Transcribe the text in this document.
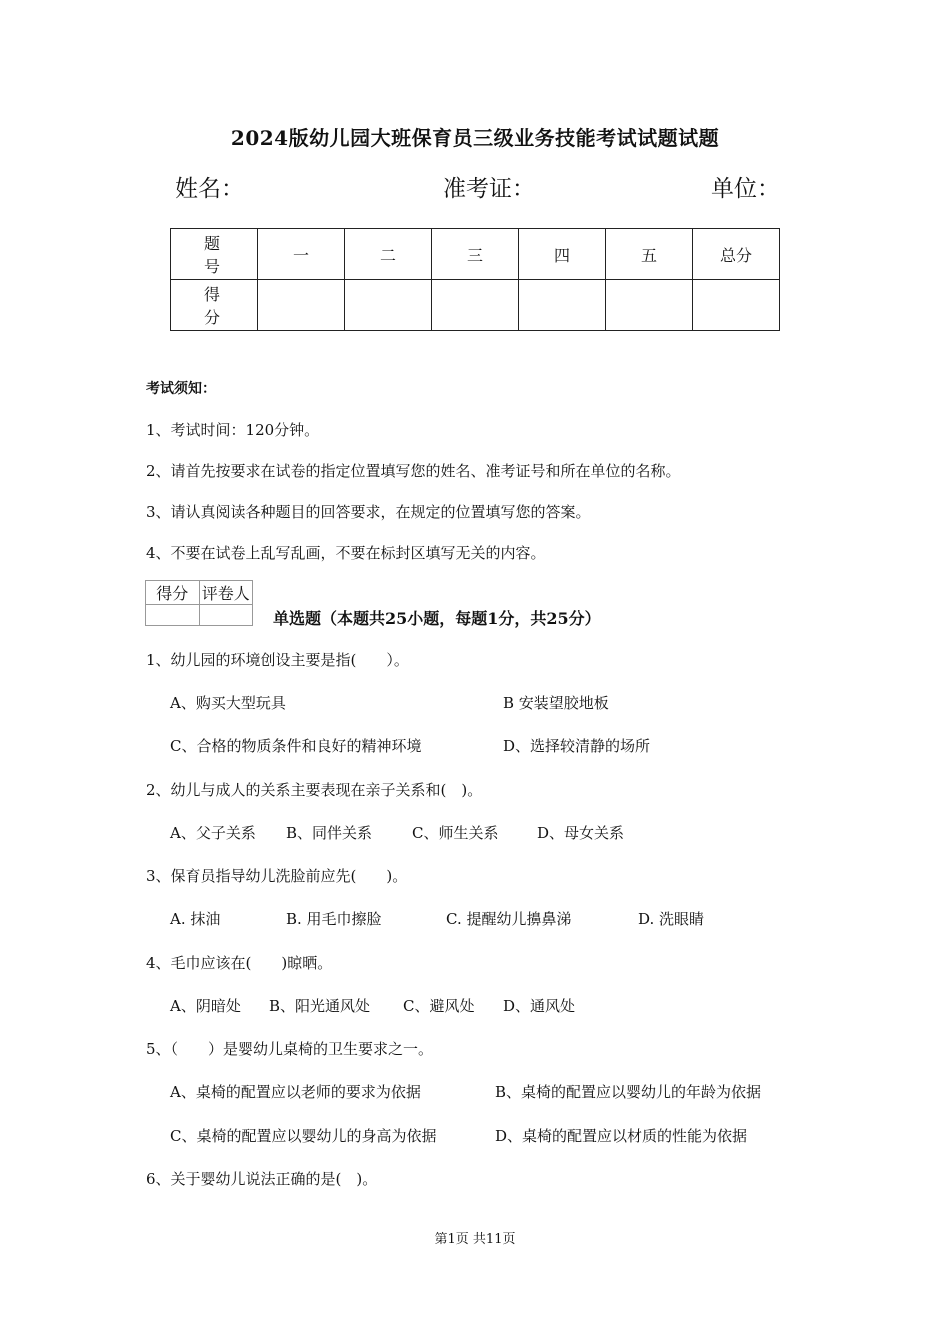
2024版幼儿园大班保育员三级业务技能考试试题试题
姓名：	准考证：	单位：
题　号	一	二	三	四	五	总分
得　分						
考试须知：
1、考试时间：120分钟。
2、请首先按要求在试卷的指定位置填写您的姓名、准考证号和所在单位的名称。
3、请认真阅读各种题目的回答要求，在规定的位置填写您的答案。
4、不要在试卷上乱写乱画，不要在标封区填写无关的内容。
得分	评卷人

单选题（本题共25小题，每题1分，共25分）
1、幼儿园的环境创设主要是指(　　）。
A、购买大型玩具	B 安装望胶地板
C、合格的物质条件和良好的精神环境	D、选择较清静的场所
2、幼儿与成人的关系主要表现在亲子关系和(　)。
A、父子关系 B、同伴关系	C、师生关系	D、母女关系
3、保育员指导幼儿洗脸前应先(　　)。
A. 抹油	B. 用毛巾擦脸	C. 提醒幼儿擤鼻涕	D. 洗眼睛
4、毛巾应该在(　　)晾晒。
A、阴暗处 B、阳光通风处 C、避风处 D、通风处
5、（　　）是婴幼儿桌椅的卫生要求之一。
A、桌椅的配置应以老师的要求为依据	B、桌椅的配置应以婴幼儿的年龄为依据
C、桌椅的配置应以婴幼儿的身高为依据	D、桌椅的配置应以材质的性能为依据
6、关于婴幼儿说法正确的是(　)。
第1页 共11页
